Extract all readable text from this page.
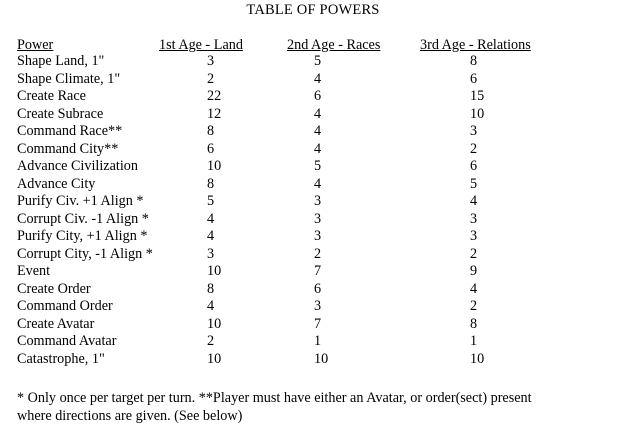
TABLE OF POWERS
Power	1st Age - Land	2nd Age - Races	3rd Age - Relations
Shape Land, 1"	3	5	8
Shape Climate, 1"	2	4	6
Create Race	22	6	15
Create Subrace	12	4	10
Command Race**	8	4	3
Command City**	6	4	2
Advance Civilization	10	5	6
Advance City	8	4	5
Purify Civ. +1 Align *	5	3	4
Corrupt Civ. -1 Align *	4	3	3
Purify City, +1 Align *	4	3	3
Corrupt City, -1 Align *	3	2	2
Event	10	7	9
Create Order	8	6	4
Command Order	4	3	2
Create Avatar	10	7	8
Command Avatar	2	1	1
Catastrophe, 1"	10	10	10
* Only once per target per turn. **Player must have either an Avatar, or order(sect) present
where directions are given. (See below)
